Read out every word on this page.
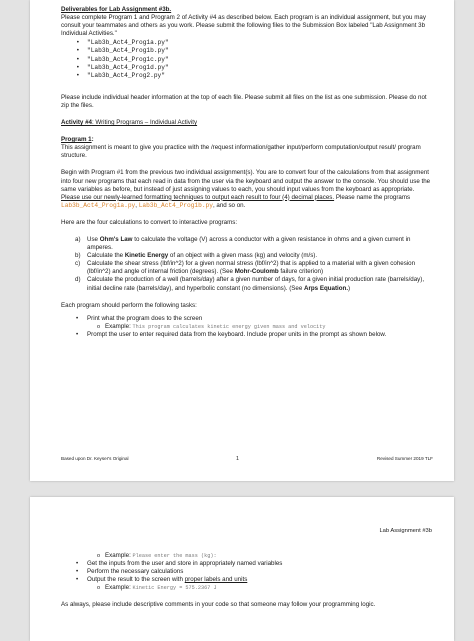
Deliverables for Lab Assignment #3b.

Please complete Program 1 and Program 2 of Activity #4 as described below. Each program is an individual assignment, but you may consult your teammates and others as you work. Please submit the following files to the Submission Box labeled "Lab Assignment 3b Individual Activities."

• "Lab3b_Act4_Prog1a.py"
• "Lab3b_Act4_Prog1b.py"
• "Lab3b_Act4_Prog1c.py"
• "Lab3b_Act4_Prog1d.py"
• "Lab3b_Act4_Prog2.py"

Please include individual header information at the top of each file. Please submit all files on the list as one submission. Please do not zip the files.

Activity #4: Writing Programs – Individual Activity

Program 1:

This assignment is meant to give you practice with the /request information/gather input/perform computation/output result/ program structure.

Begin with Program #1 from the previous two individual assignment(s). You are to convert four of the calculations from that assignment into four new programs that each read in data from the user via the keyboard and output the answer to the console. You should use the same variables as before, but instead of just assigning values to each, you should input values from the keyboard as appropriate. Please use our newly-learned formatting techniques to output each result to four (4) decimal places. Please name the programs Lab3b_Act4_Prog1a.py, Lab3b_Act4_Prog1b.py, and so on.

Here are the four calculations to convert to interactive programs:

a) Use Ohm's Law to calculate the voltage (V) across a conductor with a given resistance in ohms and a given current in amperes.
b) Calculate the Kinetic Energy of an object with a given mass (kg) and velocity (m/s).
c) Calculate the shear stress (lbf/in^2) for a given normal stress (lbf/in^2) that is applied to a material with a given cohesion (lbf/in^2) and angle of internal friction (degrees). (See Mohr-Coulomb failure criterion)
d) Calculate the production of a well (barrels/day) after a given number of days, for a given initial production rate (barrels/day), initial decline rate (barrels/day), and hyperbolic constant (no dimensions). (See Arps Equation.)

Each program should perform the following tasks:

• Print what the program does to the screen
o Example: This program calculates kinetic energy given mass and velocity
• Prompt the user to enter required data from the keyboard. Include proper units in the prompt as shown below.
Based upon Dr. Keyser's Original	1	Revised Summer 2019 TLF
Lab Assignment #3b
o Example: Please enter the mass (kg):
• Get the inputs from the user and store in appropriately named variables
• Perform the necessary calculations
• Output the result to the screen with proper labels and units
o Example: Kinetic Energy = 575.2367 J

As always, please include descriptive comments in your code so that someone may follow your programming logic.
